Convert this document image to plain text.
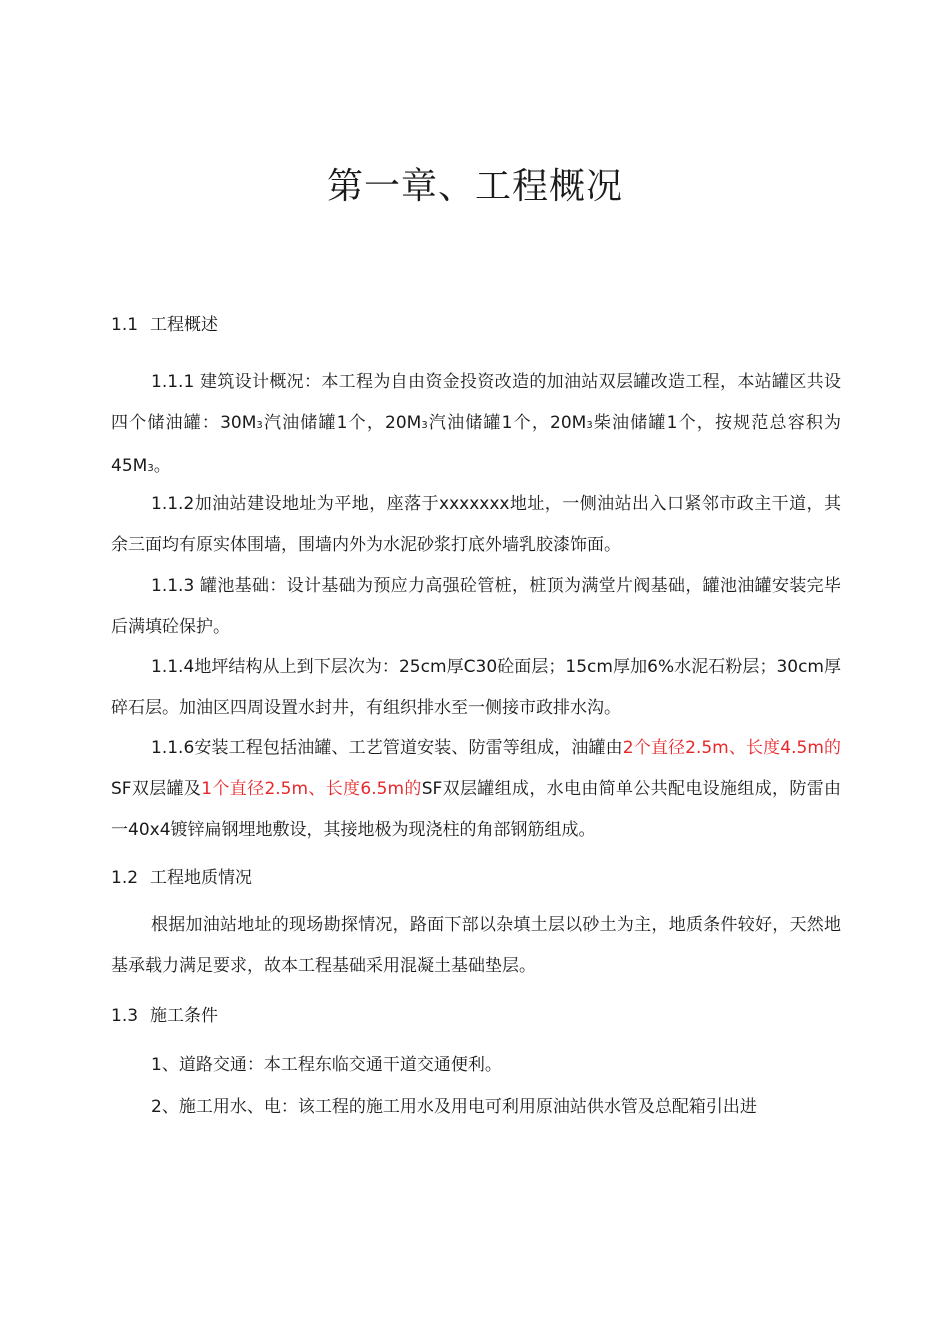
第一章、工程概况
1.1 工程概述
1.1.1 建筑设计概况：本工程为自由资金投资改造的加油站双层罐改造工程，本站罐区共设四个储油罐：30M3汽油储罐1个，20M3汽油储罐1个，20M3柴油储罐1个，按规范总容积为45M3。
1.1.2加油站建设地址为平地，座落于xxxxxxx地址，一侧油站出入口紧邻市政主干道，其余三面均有原实体围墙，围墙内外为水泥砂浆打底外墙乳胶漆饰面。
1.1.3 罐池基础：设计基础为预应力高强砼管桩，桩顶为满堂片阀基础，罐池油罐安装完毕后满填砼保护。
1.1.4地坪结构从上到下层次为：25cm厚C30砼面层；15cm厚加6%水泥石粉层；30cm厚碎石层。加油区四周设置水封井，有组织排水至一侧接市政排水沟。
1.1.6安装工程包括油罐、工艺管道安装、防雷等组成，油罐由2个直径2.5m、长度4.5m的SF双层罐及1个直径2.5m、长度6.5m的SF双层罐组成，水电由简单公共配电设施组成，防雷由一40x4镀锌扁钢埋地敷设，其接地极为现浇柱的角部钢筋组成。
1.2 工程地质情况
根据加油站地址的现场勘探情况，路面下部以杂填土层以砂土为主，地质条件较好，天然地基承载力满足要求，故本工程基础采用混凝土基础垫层。
1.3 施工条件
1、道路交通：本工程东临交通干道交通便利。
2、施工用水、电：该工程的施工用水及用电可利用原油站供水管及总配箱引出进
